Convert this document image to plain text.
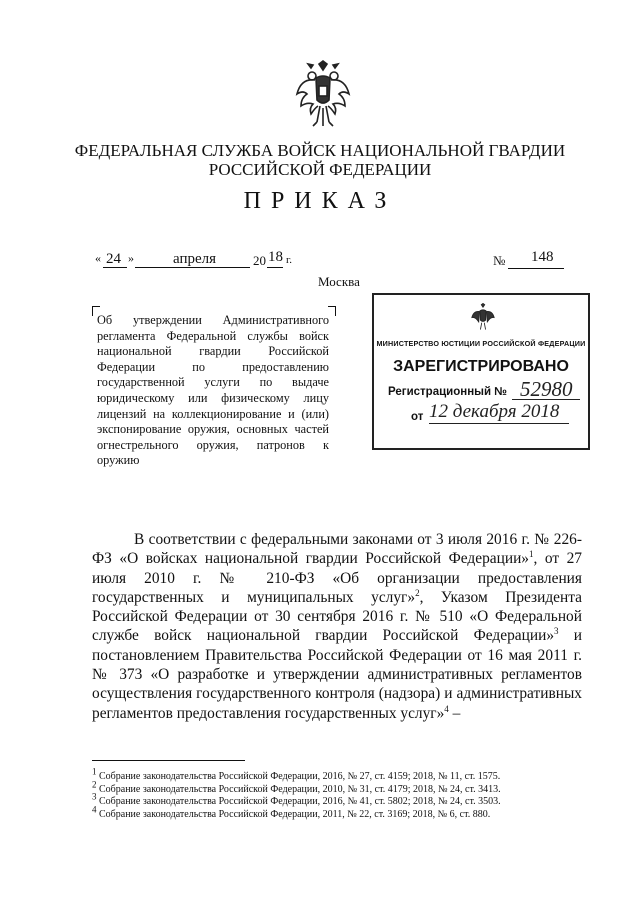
ФЕДЕРАЛЬНАЯ СЛУЖБА ВОЙСК НАЦИОНАЛЬНОЙ ГВАРДИИ
РОССИЙСКОЙ ФЕДЕРАЦИИ
ПРИКАЗ
« 24 »	апреля	20 18 г.	№ 148
Москва
Об утверждении Административного регламента Федеральной службы войск национальной гвардии Российской Федерации по предоставлению государственной услуги по выдаче юридическому или физическому лицу лицензий на коллекционирование и (или) экспонирование оружия, основных частей огнестрельного оружия, патронов к оружию
МИНИСТЕРСТВО ЮСТИЦИИ РОССИЙСКОЙ ФЕДЕРАЦИИ
ЗАРЕГИСТРИРОВАНО
Регистрационный № 52980
от 12 декабря 2018

В соответствии с федеральными законами от 3 июля 2016 г. № 226-ФЗ «О войсках национальной гвардии Российской Федерации»$^1$, от 27 июля 2010 г. № 210-ФЗ «Об организации предоставления государственных и муниципальных услуг»$^2$, Указом Президента Российской Федерации от 30 сентября 2016 г. № 510 «О Федеральной службе войск национальной гвардии Российской Федерации»$^3$ и постановлением Правительства Российской Федерации от 16 мая 2011 г. № 373 «О разработке и утверждении административных регламентов осуществления государственного контроля (надзора) и административных регламентов предоставления государственных услуг»$^4$ –

$^1$ Собрание законодательства Российской Федерации, 2016, № 27, ст. 4159; 2018, № 11, ст. 1575.
$^2$ Собрание законодательства Российской Федерации, 2010, № 31, ст. 4179; 2018, № 24, ст. 3413.
$^3$ Собрание законодательства Российской Федерации, 2016, № 41, ст. 5802; 2018, № 24, ст. 3503.
$^4$ Собрание законодательства Российской Федерации, 2011, № 22, ст. 3169; 2018, № 6, ст. 880.
